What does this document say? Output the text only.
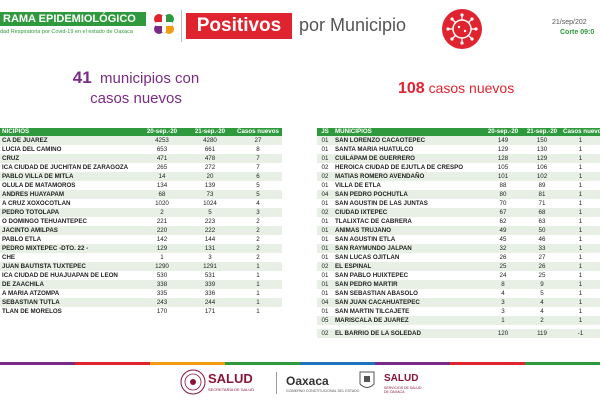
RAMA EPIDEMIOLÓGICO
dad Respiratoria por Covid-19 en el estado de Oaxaca	Positivos por Municipio	21/sep/202
Corte 09:0
41 municipios con
casos nuevos
108 casos nuevos
NICIPIOS	20-sep.-20	21-sep.-20	Casos nuevos
CA DE JUAREZ	4253	4280	27
LUCIA DEL CAMINO	653	661	8
CRUZ	471	478	7
ICA CIUDAD DE JUCHITAN DE ZARAGOZA	265	272	7
PABLO VILLA DE MITLA	14	20	6
OLULA DE MATAMOROS	134	139	5
ANDRES HUAYAPAM	68	73	5
A CRUZ XOXOCOTLAN	1020	1024	4
PEDRO TOTOLAPA	2	5	3
O DOMINGO TEHUANTEPEC	221	223	2
JACINTO AMILPAS	220	222	2
PABLO ETLA	142	144	2
PEDRO MIXTEPEC -DTO. 22 -	129	131	2
CHE	1	3	2
JUAN BAUTISTA TUXTEPEC	1290	1291	1
ICA CIUDAD DE HUAJUAPAN DE LEON	530	531	1
DE ZAACHILA	338	339	1
A MARIA ATZOMPA	335	336	1
SEBASTIAN TUTLA	243	244	1
TLAN DE MORELOS	170	171	1
JS	MUNICIPIOS	20-sep.-20	21-sep.-20	Casos nuevos
01	SAN LORENZO CACAOTEPEC	149	150	1
01	SANTA MARIA HUATULCO	129	130	1
01	CUILAPAM DE GUERRERO	128	129	1
02	HEROICA CIUDAD DE EJUTLA DE CRESPO	105	106	1
02	MATIAS ROMERO AVENDAÑO	101	102	1
01	VILLA DE ETLA	88	89	1
04	SAN PEDRO POCHUTLA	80	81	1
01	SAN AGUSTIN DE LAS JUNTAS	70	71	1
02	CIUDAD IXTEPEC	67	68	1
01	TLALIXTAC DE CABRERA	62	63	1
01	ANIMAS TRUJANO	49	50	1
01	SAN AGUSTIN ETLA	45	46	1
01	SAN RAYMUNDO JALPAN	32	33	1
01	SAN LUCAS OJITLAN	26	27	1
02	EL ESPINAL	25	26	1
01	SAN PABLO HUIXTEPEC	24	25	1
01	SAN PEDRO MARTIR	8	9	1
01	SAN SEBASTIAN ABASOLO	4	5	1
04	SAN JUAN CACAHUATEPEC	3	4	1
01	SAN MARTIN TILCAJETE	3	4	1
05	MARISCALA DE JUAREZ	1	2	1

02	EL BARRIO DE LA SOLEDAD	120	119	-1
SALUD
SECRETARÍA DE SALUD
Oaxaca
GOBIERNO CONSTITUCIONAL DEL ESTADO
SALUD
SERVICIOS DE SALUD DE OAXACA
